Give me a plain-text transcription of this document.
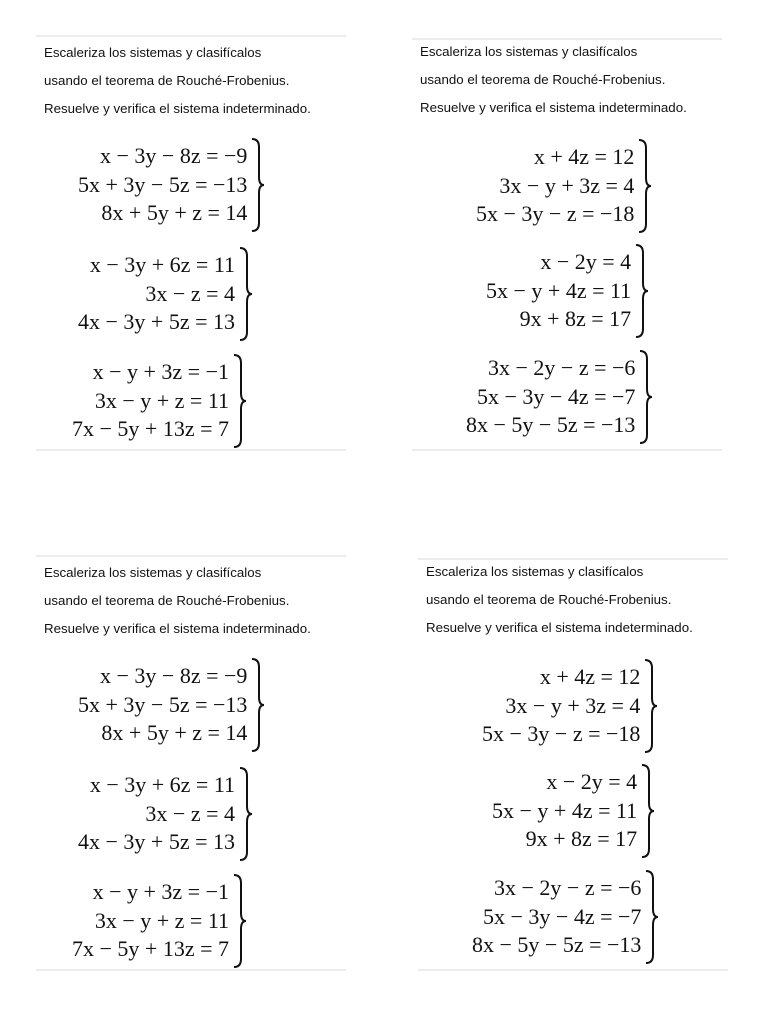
Escaleriza los sistemas y clasifícalos
usando el teorema de Rouché-Frobenius.
Resuelve y verifica el sistema indeterminado.
x − 3y − 8z = −9
5x + 3y − 5z = −13
8x + 5y + z = 14
x − 3y + 6z = 11
3x − z = 4
4x − 3y + 5z = 13
x − y + 3z = −1
3x − y + z = 11
7x − 5y + 13z = 7
Escaleriza los sistemas y clasifícalos
usando el teorema de Rouché-Frobenius.
Resuelve y verifica el sistema indeterminado.
x + 4z = 12
3x − y + 3z = 4
5x − 3y − z = −18
x − 2y = 4
5x − y + 4z = 11
9x + 8z = 17
3x − 2y − z = −6
5x − 3y − 4z = −7
8x − 5y − 5z = −13
Escaleriza los sistemas y clasifícalos
usando el teorema de Rouché-Frobenius.
Resuelve y verifica el sistema indeterminado.
x − 3y − 8z = −9
5x + 3y − 5z = −13
8x + 5y + z = 14
x − 3y + 6z = 11
3x − z = 4
4x − 3y + 5z = 13
x − y + 3z = −1
3x − y + z = 11
7x − 5y + 13z = 7
Escaleriza los sistemas y clasifícalos
usando el teorema de Rouché-Frobenius.
Resuelve y verifica el sistema indeterminado.
x + 4z = 12
3x − y + 3z = 4
5x − 3y − z = −18
x − 2y = 4
5x − y + 4z = 11
9x + 8z = 17
3x − 2y − z = −6
5x − 3y − 4z = −7
8x − 5y − 5z = −13
